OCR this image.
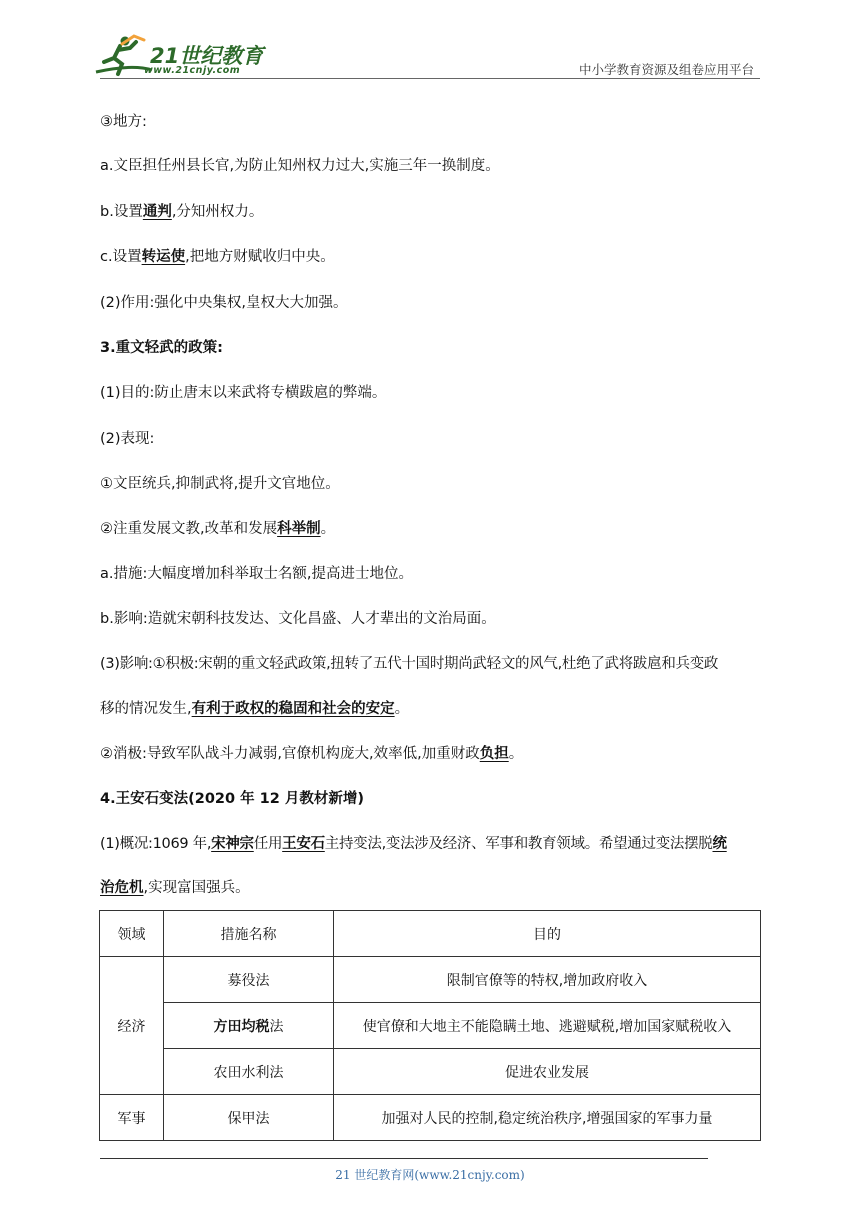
21世纪教育
www.21cnjy.com	中小学教育资源及组卷应用平台
③地方:
a.文臣担任州县长官,为防止知州权力过大,实施三年一换制度。
b.设置通判,分知州权力。
c.设置转运使,把地方财赋收归中央。
(2)作用:强化中央集权,皇权大大加强。
3.重文轻武的政策:
(1)目的:防止唐末以来武将专横跋扈的弊端。
(2)表现:
①文臣统兵,抑制武将,提升文官地位。
②注重发展文教,改革和发展科举制。
a.措施:大幅度增加科举取士名额,提高进士地位。
b.影响:造就宋朝科技发达、文化昌盛、人才辈出的文治局面。
(3)影响:①积极:宋朝的重文轻武政策,扭转了五代十国时期尚武轻文的风气,杜绝了武将跋扈和兵变政
移的情况发生,有利于政权的稳固和社会的安定。
②消极:导致军队战斗力减弱,官僚机构庞大,效率低,加重财政负担。
4.王安石变法(2020 年 12 月教材新增)
(1)概况:1069 年,宋神宗任用王安石主持变法,变法涉及经济、军事和教育领域。希望通过变法摆脱统
治危机,实现富国强兵。
领域	措施名称	目的
经济	募役法	限制官僚等的特权,增加政府收入
	方田均税法	使官僚和大地主不能隐瞒土地、逃避赋税,增加国家赋税收入
	农田水利法	促进农业发展
军事	保甲法	加强对人民的控制,稳定统治秩序,增强国家的军事力量
21 世纪教育网(www.21cnjy.com)
